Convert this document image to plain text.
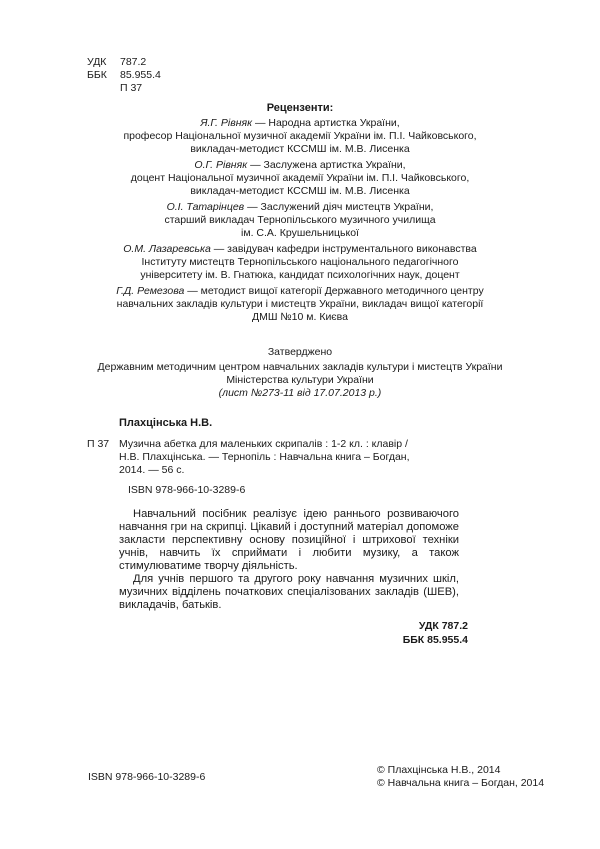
УДК 787.2
ББК 85.955.4
П 37
Рецензенти:
Я.Г. Рівняк — Народна артистка України,
професор Національної музичної академії України ім. П.І. Чайковського,
викладач-методист КССМШ ім. М.В. Лисенка
О.Г. Рівняк — Заслужена артистка України,
доцент Національної музичної академії України ім. П.І. Чайковського,
викладач-методист КССМШ ім. М.В. Лисенка
О.І. Татарінцев — Заслужений діяч мистецтв України,
старший викладач Тернопільського музичного училища
ім. С.А. Крушельницької
О.М. Лазаревська — завідувач кафедри інструментального виконавства
Інституту мистецтв Тернопільського національного педагогічного
університету ім. В. Гнатюка, кандидат психологічних наук, доцент
Г.Д. Ремезова — методист вищої категорії Державного методичного центру
навчальних закладів культури і мистецтв України, викладач вищої категорії
ДМШ №10 м. Києва
Затверджено
Державним методичним центром навчальних закладів культури і мистецтв України
Міністерства культури України
(лист №273-11 від 17.07.2013 р.)
Плахцінська Н.В.
П 37 Музична абетка для маленьких скрипалів : 1-2 кл. : клавір /
Н.В. Плахцінська. — Тернопіль : Навчальна книга – Богдан,
2014. — 56 с.
ISBN 978-966-10-3289-6

Навчальний посібник реалізує ідею раннього розвиваючого навчання гри на скрипці. Цікавий і доступний матеріал допоможе закласти перспективну основу позиційної і штрихової техніки учнів, навчить їх сприймати і любити музику, а також стимулюватиме творчу діяльність.

Для учнів першого та другого року навчання музичних шкіл, музичних відділень початкових спеціалізованих закладів (ШЕВ), викладачів, батьків.

УДК 787.2
ББК 85.955.4
ISBN 978-966-10-3289-6
© Плахцінська Н.В., 2014
© Навчальна книга – Богдан, 2014
